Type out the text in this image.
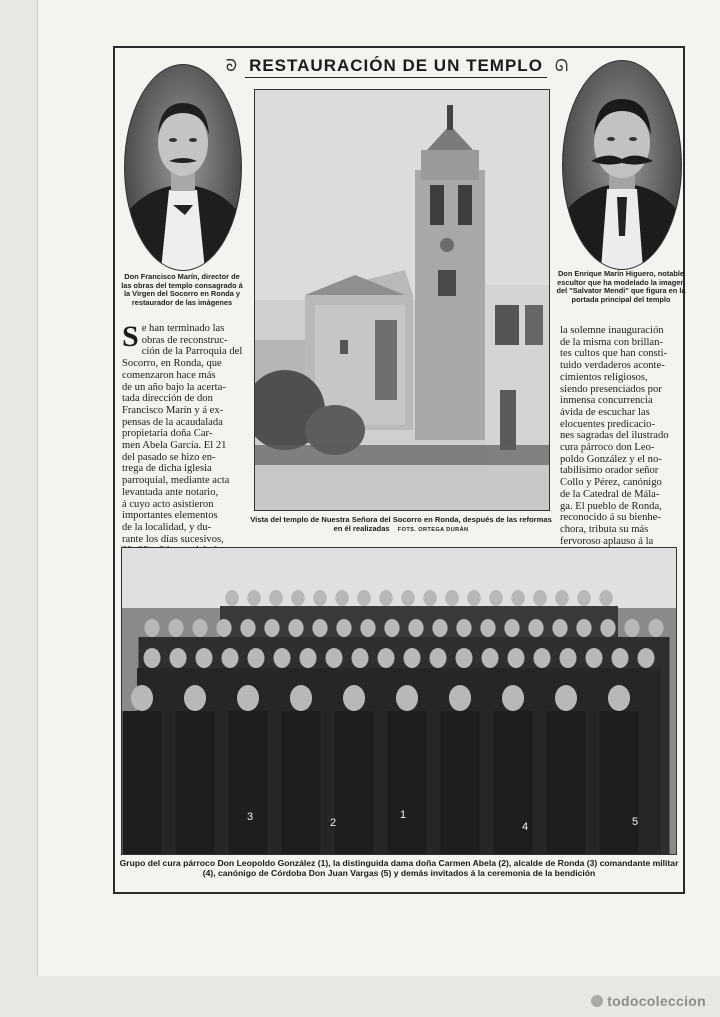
ᘐ RESTAURACIÓN DE UN TEMPLO ᘏ
Don Francisco Marín, director de las obras del templo consagrado á la Virgen del Socorro en Ronda y restaurador de las imágenes
Don Enrique Marín Higuero, notable escultor que ha modelado la imagen del "Salvator Mendi" que figura en la portada principal del templo
Vista del templo de Nuestra Señora del Socorro en Ronda, después de las reformas en él realizadas FOTS. ORTEGA DURÁN
S e han terminado las
obras de reconstruc-
ción de la Parroquia del
Socorro, en Ronda, que
comenzaron hace más
de un año bajo la acerta-
tada dirección de don
Francisco Marín y á ex-
pensas de la acaudalada
propietaria doña Car-
men Abela García. El 21
del pasado se hizo en-
trega de dicha iglesia
parroquial, mediante acta
levantada ante notario,
á cuyo acto asistieron
importantes elementos
de la localidad, y du-
rante los días sucesivos,
la solemne inauguración
de la misma con brillan-
tes cultos que han consti-
tuido verdaderos aconte-
cimientos religiosos,
siendo presenciados por
inmensa concurrencia
ávida de escuchar las
elocuentes predicacio-
nes sagradas del ilustrado
cura párroco don Leo-
poldo González y el no-
tabilísimo orador señor
Collo y Pérez, canónigo
de la Catedral de Mála-
ga. El pueblo de Ronda,
reconocido á su bienhe-
chora, tributa su más
fervoroso aplauso á la
1
2
3
4	5
Grupo del cura párroco Don Leopoldo González (1), la distinguida dama doña Carmen Abela (2), alcalde de Ronda (3) comandante militar (4), canónigo de Córdoba Don Juan Vargas (5) y demás invitados á la ceremonia de la bendición
todocoleccion
